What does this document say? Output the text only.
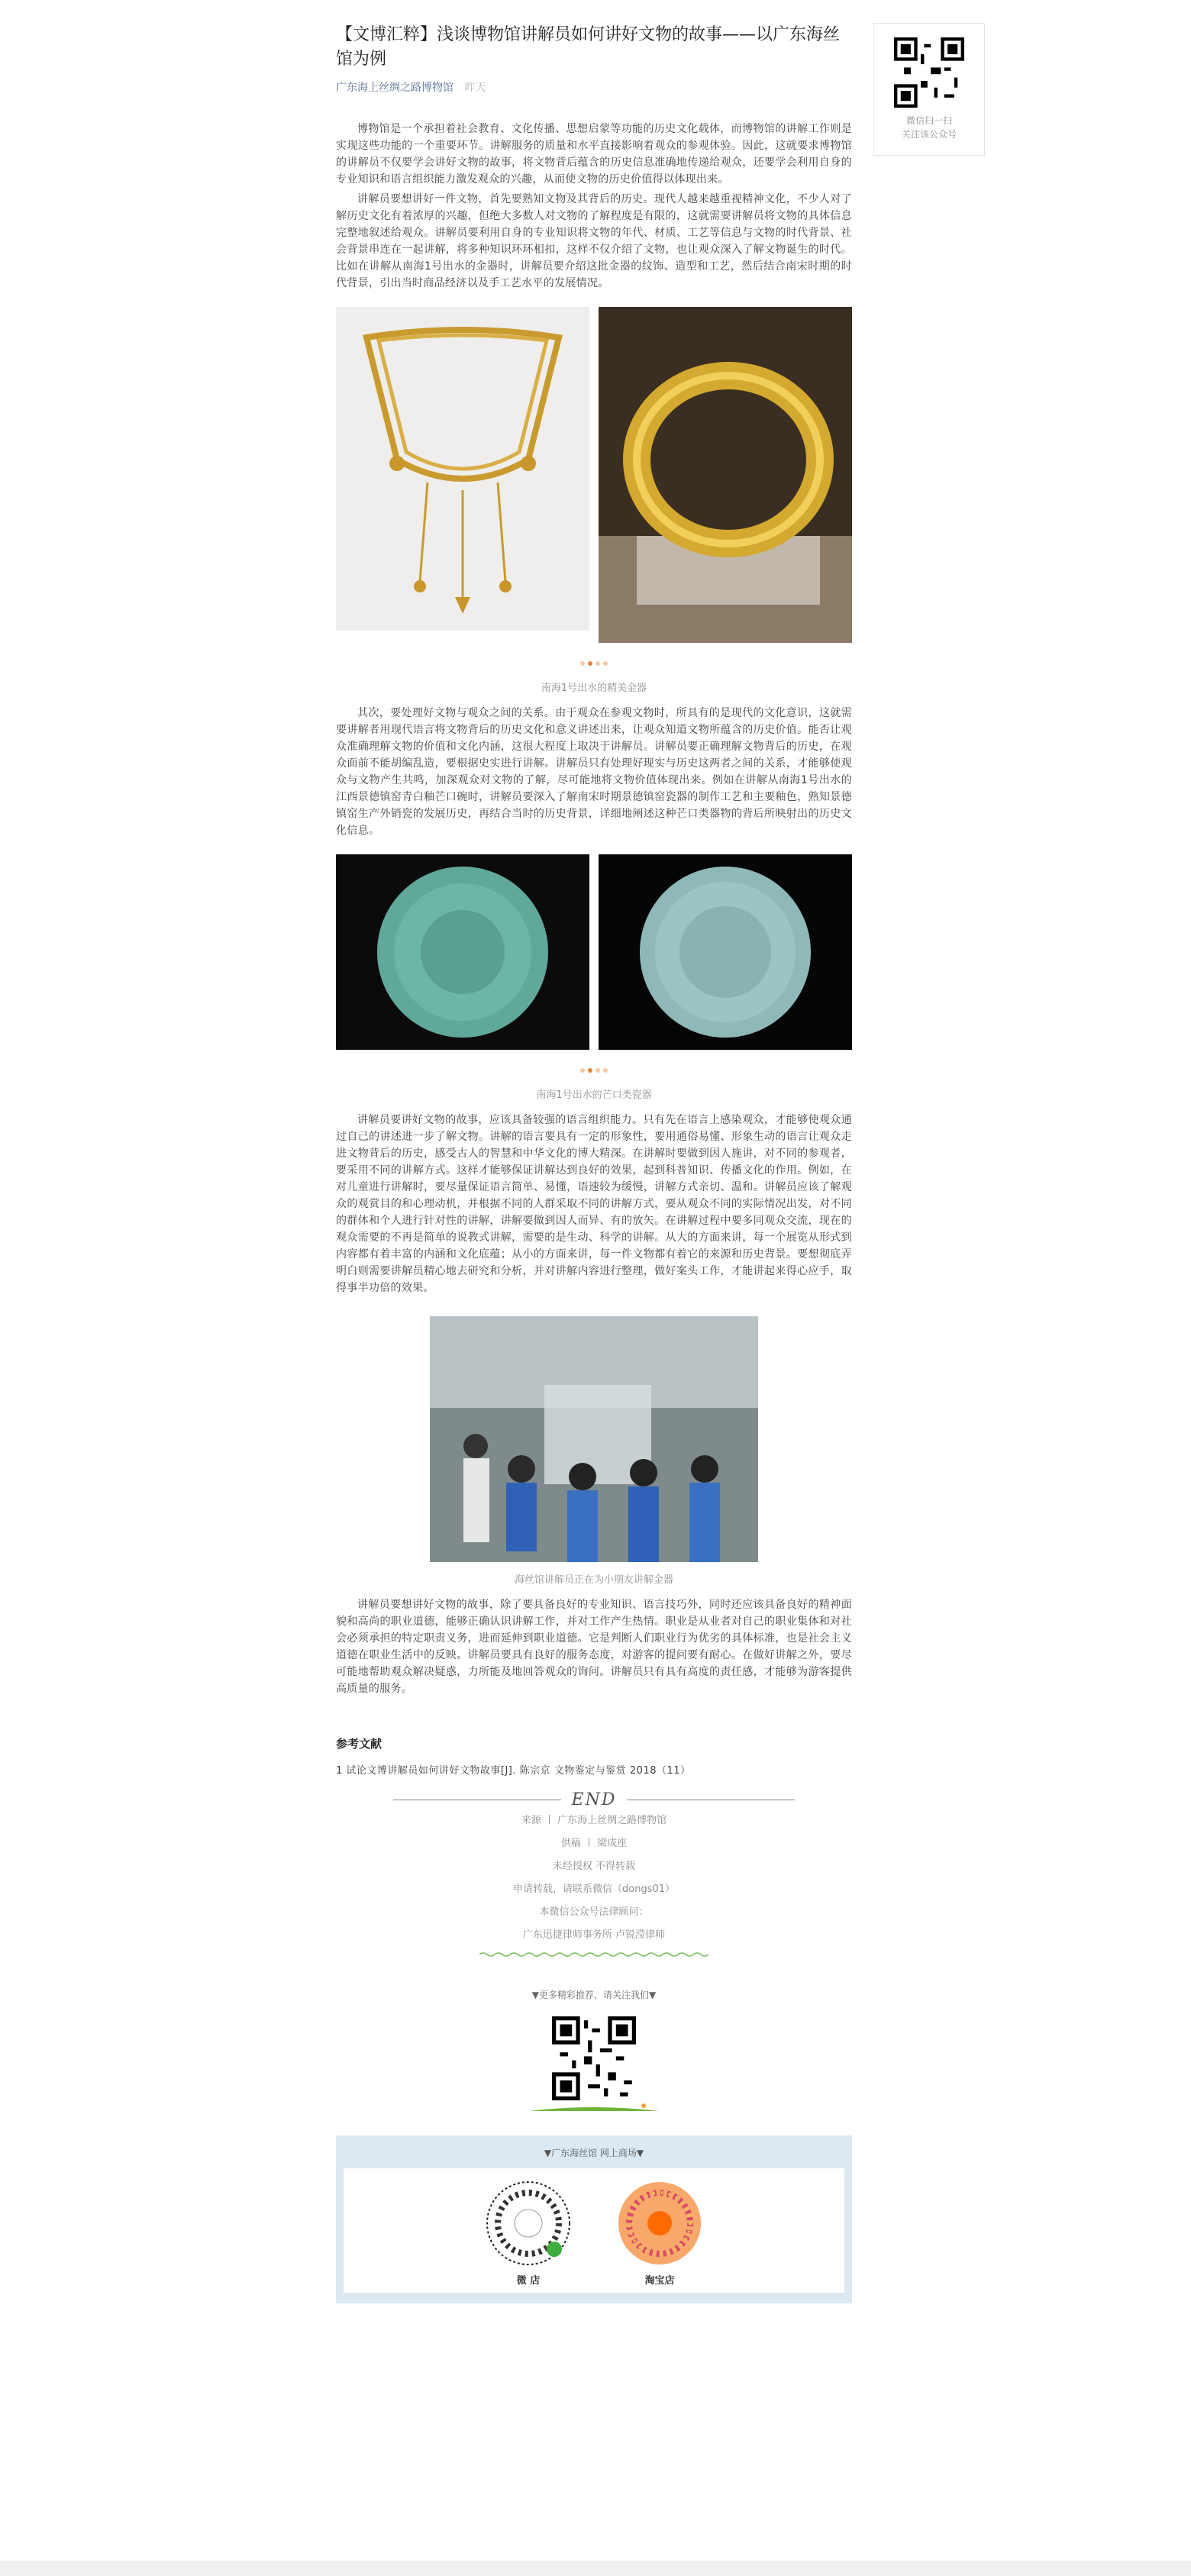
【文博汇粹】浅谈博物馆讲解员如何讲好文物的故事——以广东海丝馆为例
广东海上丝绸之路博物馆 昨天

博物馆是一个承担着社会教育、文化传播、思想启蒙等功能的历史文化载体，而博物馆的讲解工作则是实现这些功能的一个重要环节。讲解服务的质量和水平直接影响着观众的参观体验。因此，这就要求博物馆的讲解员不仅要学会讲好文物的故事，将文物背后蕴含的历史信息准确地传递给观众，还要学会利用自身的专业知识和语言组织能力激发观众的兴趣，从而使文物的历史价值得以体现出来。

讲解员要想讲好一件文物，首先要熟知文物及其背后的历史。现代人越来越重视精神文化，不少人对了解历史文化有着浓厚的兴趣，但绝大多数人对文物的了解程度是有限的，这就需要讲解员将文物的具体信息完整地叙述给观众。讲解员要利用自身的专业知识将文物的年代、材质、工艺等信息与文物的时代背景、社会背景串连在一起讲解，将多种知识环环相扣，这样不仅介绍了文物，也让观众深入了解文物诞生的时代。比如在讲解从南海1号出水的金器时，讲解员要介绍这批金器的纹饰、造型和工艺，然后结合南宋时期的时代背景，引出当时商品经济以及手工艺水平的发展情况。

南海1号出水的精美金器

其次，要处理好文物与观众之间的关系。由于观众在参观文物时，所具有的是现代的文化意识，这就需要讲解者用现代语言将文物背后的历史文化和意义讲述出来，让观众知道文物所蕴含的历史价值。能否让观众准确理解文物的价值和文化内涵，这很大程度上取决于讲解员。讲解员要正确理解文物背后的历史，在观众面前不能胡编乱造，要根据史实进行讲解。讲解员只有处理好现实与历史这两者之间的关系，才能够使观众与文物产生共鸣，加深观众对文物的了解，尽可能地将文物价值体现出来。例如在讲解从南海1号出水的江西景德镇窑青白釉芒口碗时，讲解员要深入了解南宋时期景德镇窑瓷器的制作工艺和主要釉色，熟知景德镇窑生产外销瓷的发展历史，再结合当时的历史背景，详细地阐述这种芒口类器物的背后所映射出的历史文化信息。

南海1号出水的芒口类瓷器

讲解员要讲好文物的故事，应该具备较强的语言组织能力。只有先在语言上感染观众，才能够使观众通过自己的讲述进一步了解文物。讲解的语言要具有一定的形象性，要用通俗易懂、形象生动的语言让观众走进文物背后的历史，感受古人的智慧和中华文化的博大精深。在讲解时要做到因人施讲，对不同的参观者，要采用不同的讲解方式。这样才能够保证讲解达到良好的效果，起到科普知识、传播文化的作用。例如，在对儿童进行讲解时，要尽量保证语言简单、易懂，语速较为缓慢，讲解方式亲切、温和。讲解员应该了解观众的观赏目的和心理动机，并根据不同的人群采取不同的讲解方式，要从观众不同的实际情况出发，对不同的群体和个人进行针对性的讲解，讲解要做到因人而异、有的放矢。在讲解过程中要多同观众交流，现在的观众需要的不再是简单的说教式讲解，需要的是生动、科学的讲解。从大的方面来讲，每一个展览从形式到内容都有着丰富的内涵和文化底蕴；从小的方面来讲，每一件文物都有着它的来源和历史背景。要想彻底弄明白则需要讲解员精心地去研究和分析，并对讲解内容进行整理，做好案头工作，才能讲起来得心应手，取得事半功倍的效果。

海丝馆讲解员正在为小朋友讲解金器

讲解员要想讲好文物的故事，除了要具备良好的专业知识、语言技巧外，同时还应该具备良好的精神面貌和高尚的职业道德，能够正确认识讲解工作，并对工作产生热情。职业是从业者对自己的职业集体和对社会必须承担的特定职责义务，进而延伸到职业道德。它是判断人们职业行为优劣的具体标准，也是社会主义道德在职业生活中的反映。讲解员要具有良好的服务态度，对游客的提问要有耐心。在做好讲解之外，要尽可能地帮助观众解决疑惑，力所能及地回答观众的询问。讲解员只有具有高度的责任感，才能够为游客提供高质量的服务。

参考文献

1 试论文博讲解员如何讲好文物故事[J]. 陈宗京 文物鉴定与鉴赏 2018（11）

END
来源 丨 广东海上丝绸之路博物馆
供稿 丨 梁成座
未经授权 不得转载
申请转载，请联系微信（dongs01）
本微信公众号法律顾问：
广东迅捷律师事务所 卢锐滢律师
▼更多精彩推荐，请关注我们▼
▼广东海丝馆 网上商场▼
微 店	淘宝店
微信扫一扫
关注该公众号
